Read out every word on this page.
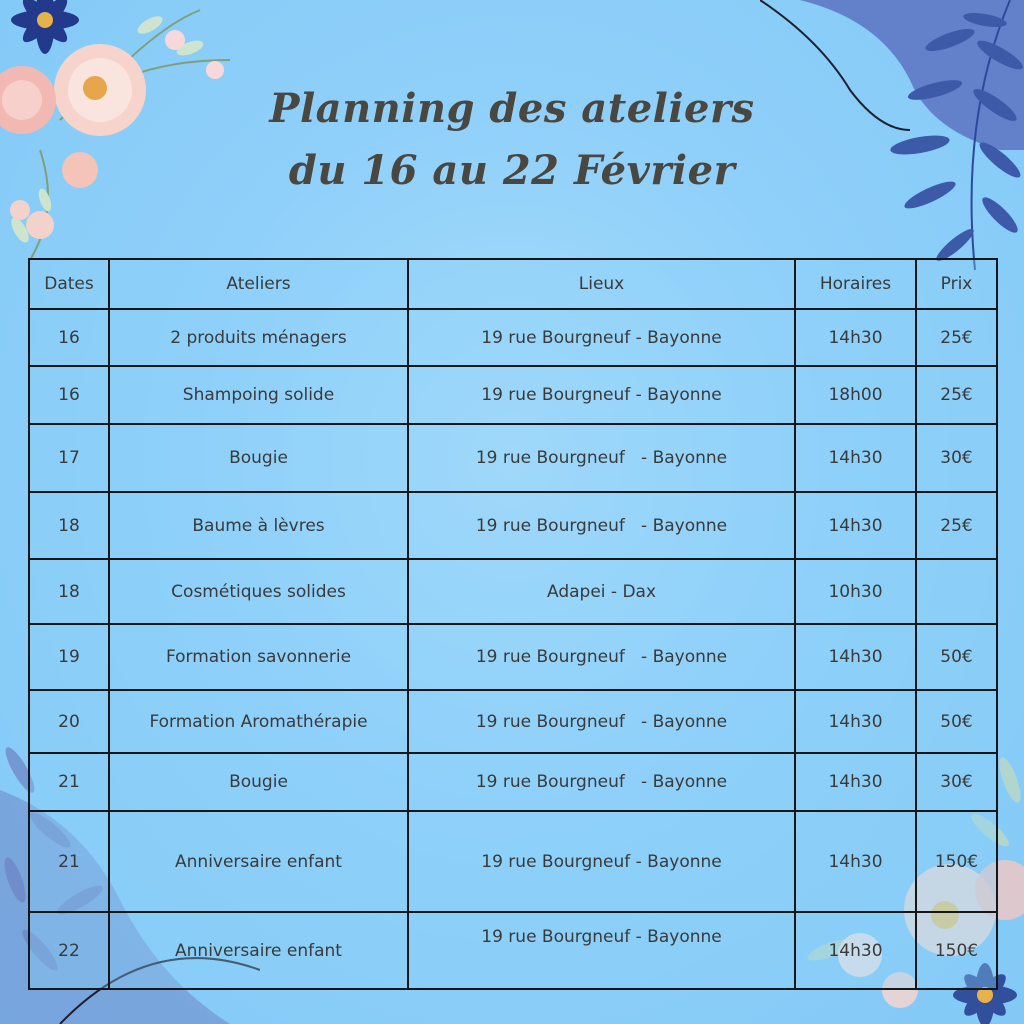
Planning des ateliers
du 16 au 22 Février
Dates	Ateliers	Lieux	Horaires	Prix
16	2 produits ménagers	19 rue Bourgneuf - Bayonne	14h30	25€
16	Shampoing solide	19 rue Bourgneuf - Bayonne	18h00	25€
17	Bougie	19 rue Bourgneuf   - Bayonne	14h30	30€
18	Baume à lèvres	19 rue Bourgneuf   - Bayonne	14h30	25€
18	Cosmétiques solides	Adapei - Dax	10h30	
19	Formation savonnerie	19 rue Bourgneuf   - Bayonne	14h30	50€
20	Formation Aromathérapie	19 rue Bourgneuf   - Bayonne	14h30	50€
21	Bougie	19 rue Bourgneuf   - Bayonne	14h30	30€
21	Anniversaire enfant	19 rue Bourgneuf - Bayonne	14h30	150€
22	Anniversaire enfant	19 rue Bourgneuf - Bayonne	14h30	150€
